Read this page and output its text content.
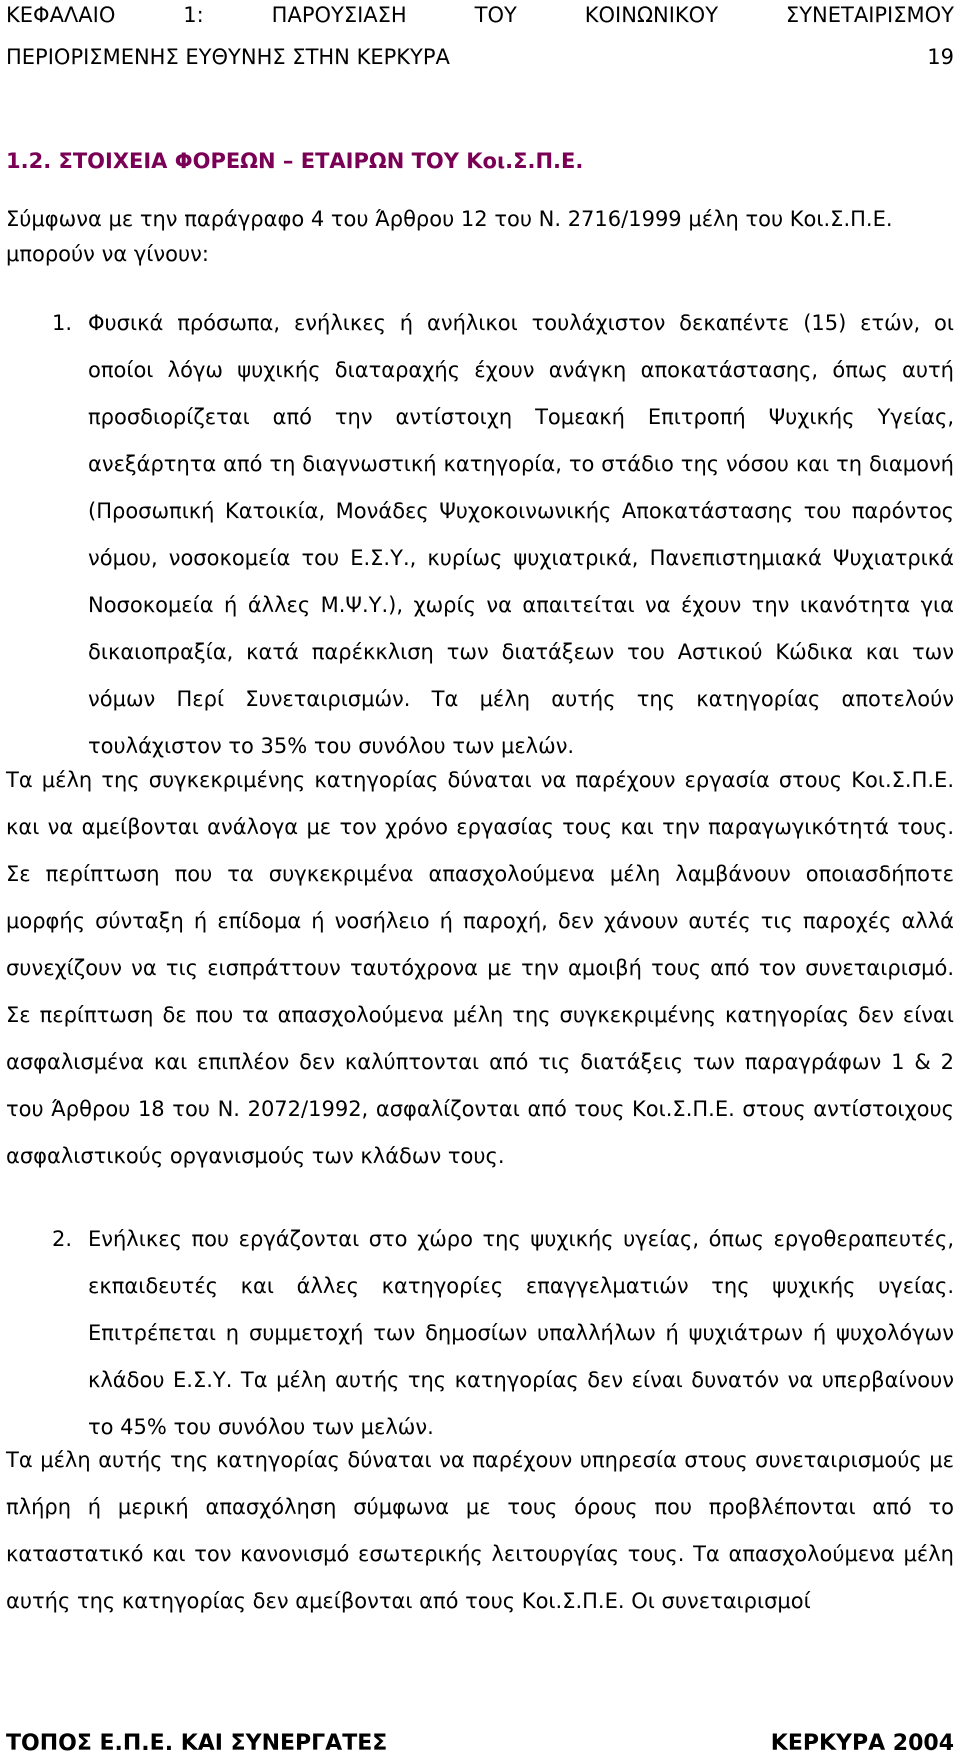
ΚΕΦΑΛΑΙΟ 1: ΠΑΡΟΥΣΙΑΣΗ ΤΟΥ ΚΟΙΝΩΝΙΚΟΥ ΣΥΝΕΤΑΙΡΙΣΜΟΥ
ΠΕΡΙΟΡΙΣΜΕΝΗΣ ΕΥΘΥΝΗΣ ΣΤΗΝ ΚΕΡΚΥΡΑ	19
1.2. ΣΤΟΙΧΕΙΑ ΦΟΡΕΩΝ – ΕΤΑΙΡΩΝ ΤΟΥ Κοι.Σ.Π.Ε.
Σύμφωνα με την παράγραφο 4 του Άρθρου 12 του Ν. 2716/1999 μέλη του Κοι.Σ.Π.Ε. μπορούν να γίνουν:
1. Φυσικά πρόσωπα, ενήλικες ή ανήλικοι τουλάχιστον δεκαπέντε (15) ετών, οι οποίοι λόγω ψυχικής διαταραχής έχουν ανάγκη αποκατάστασης, όπως αυτή προσδιορίζεται από την αντίστοιχη Τομεακή Επιτροπή Ψυχικής Υγείας, ανεξάρτητα από τη διαγνωστική κατηγορία, το στάδιο της νόσου και τη διαμονή (Προσωπική Κατοικία, Μονάδες Ψυχοκοινωνικής Αποκατάστασης του παρόντος νόμου, νοσοκομεία του Ε.Σ.Υ., κυρίως ψυχιατρικά, Πανεπιστημιακά Ψυχιατρικά Νοσοκομεία ή άλλες Μ.Ψ.Υ.), χωρίς να απαιτείται να έχουν την ικανότητα για δικαιοπραξία, κατά παρέκκλιση των διατάξεων του Αστικού Κώδικα και των νόμων Περί Συνεταιρισμών. Τα μέλη αυτής της κατηγορίας αποτελούν τουλάχιστον το 35% του συνόλου των μελών.
Τα μέλη της συγκεκριμένης κατηγορίας δύναται να παρέχουν εργασία στους Κοι.Σ.Π.Ε. και να αμείβονται ανάλογα με τον χρόνο εργασίας τους και την παραγωγικότητά τους. Σε περίπτωση που τα συγκεκριμένα απασχολούμενα μέλη λαμβάνουν οποιασδήποτε μορφής σύνταξη ή επίδομα ή νοσήλειο ή παροχή, δεν χάνουν αυτές τις παροχές αλλά συνεχίζουν να τις εισπράττουν ταυτόχρονα με την αμοιβή τους από τον συνεταιρισμό. Σε περίπτωση δε που τα απασχολούμενα μέλη της συγκεκριμένης κατηγορίας δεν είναι ασφαλισμένα και επιπλέον δεν καλύπτονται από τις διατάξεις των παραγράφων 1 & 2 του Άρθρου 18 του Ν. 2072/1992, ασφαλίζονται από τους Κοι.Σ.Π.Ε. στους αντίστοιχους ασφαλιστικούς οργανισμούς των κλάδων τους.
2. Ενήλικες που εργάζονται στο χώρο της ψυχικής υγείας, όπως εργοθεραπευτές, εκπαιδευτές και άλλες κατηγορίες επαγγελματιών της ψυχικής υγείας. Επιτρέπεται η συμμετοχή των δημοσίων υπαλλήλων ή ψυχιάτρων ή ψυχολόγων κλάδου Ε.Σ.Υ. Τα μέλη αυτής της κατηγορίας δεν είναι δυνατόν να υπερβαίνουν το 45% του συνόλου των μελών.
Τα μέλη αυτής της κατηγορίας δύναται να παρέχουν υπηρεσία στους συνεταιρισμούς με πλήρη ή μερική απασχόληση σύμφωνα με τους όρους που προβλέπονται από το καταστατικό και τον κανονισμό εσωτερικής λειτουργίας τους. Τα απασχολούμενα μέλη αυτής της κατηγορίας δεν αμείβονται από τους Κοι.Σ.Π.Ε. Οι συνεταιρισμοί
ΤΟΠΟΣ Ε.Π.Ε. ΚΑΙ ΣΥΝΕΡΓΑΤΕΣ	ΚΕΡΚΥΡΑ 2004
